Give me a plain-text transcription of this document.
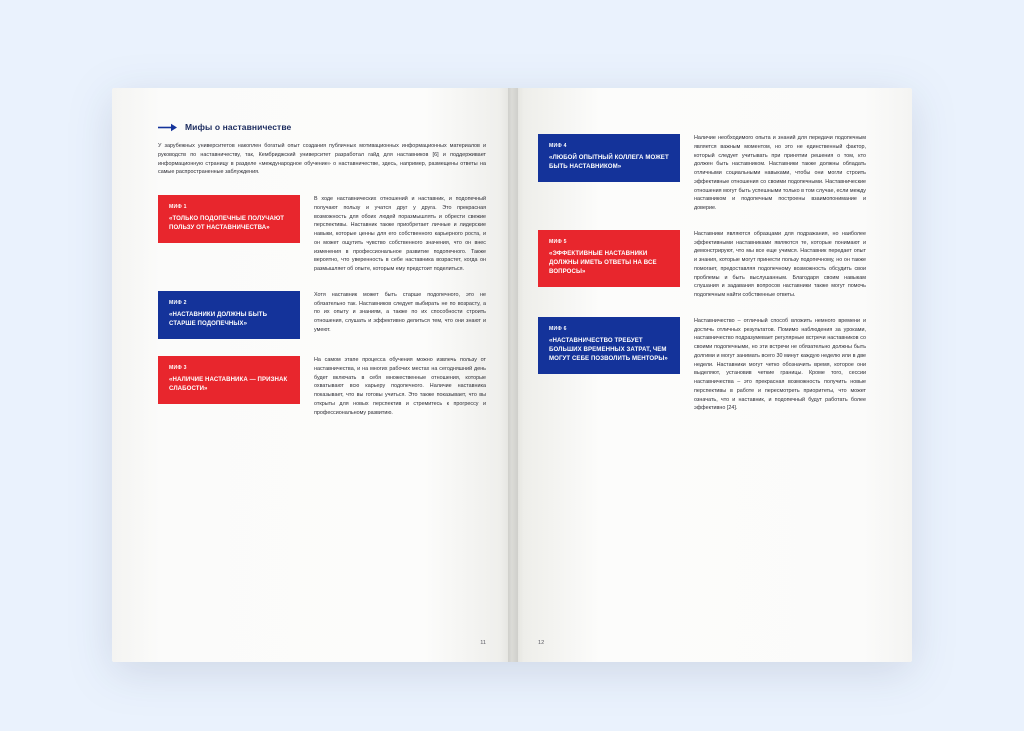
Мифы о наставничестве
У зарубежных университетов накоплен богатый опыт создания публичных мотивационных информационных материалов и руководств по наставничеству, так, Кембриджский университет разработал гайд для наставников [6] и поддерживает информационную страницу в разделе «международное обучение» о наставничестве, здесь, например, размещены ответы на самые распространенные заблуждения.
МИФ 1
«ТОЛЬКО ПОДОПЕЧНЫЕ ПОЛУЧАЮТ ПОЛЬЗУ ОТ НАСТАВНИЧЕСТВА»
В ходе наставнических отношений и наставник, и подопечный получают пользу и учатся друг у друга. Это прекрасная возможность для обоих людей поразмышлять и обрести свежие перспективы. Наставник также приобретает личные и лидерские навыки, которые ценны для его собственного карьерного роста, и он может ощутить чувство собственного значения, что он внес изменения в профессиональное развитие подопечного. Также вероятно, что уверенность в себе наставника возрастет, когда он размышляет об опыте, которым ему предстоит поделиться.
МИФ 2
«НАСТАВНИКИ ДОЛЖНЫ БЫТЬ СТАРШЕ ПОДОПЕЧНЫХ»
Хотя наставник может быть старше подопечного, это не обязательно так. Наставников следует выбирать не по возрасту, а по их опыту и знаниям, а также по их способности строить отношения, слушать и эффективно делиться тем, что они знают и умеют.
МИФ 3
«НАЛИЧИЕ НАСТАВНИКА — ПРИЗНАК СЛАБОСТИ»
На самом этапе процесса обучения можно извлечь пользу от наставничества, и на многих рабочих местах на сегодняшний день будет включать в себя множественные отношения, которые охватывают всю карьеру подопечного. Наличие наставника показывает, что вы готовы учиться. Это также показывает, что вы открыты для новых перспектив и стремитесь к прогрессу и профессиональному развитию.
11
МИФ 4
«ЛЮБОЙ ОПЫТНЫЙ КОЛЛЕГА МОЖЕТ БЫТЬ НАСТАВНИКОМ»
Наличие необходимого опыта и знаний для передачи подопечным является важным моментом, но это не единственный фактор, который следует учитывать при принятии решения о том, кто должен быть наставником. Наставники также должны обладать отличными социальными навыками, чтобы они могли строить эффективные отношения со своими подопечными. Наставнические отношения могут быть успешными только в том случае, если между наставником и подопечным построены взаимопонимание и доверие.
МИФ 5
«ЭФФЕКТИВНЫЕ НАСТАВНИКИ ДОЛЖНЫ ИМЕТЬ ОТВЕТЫ НА ВСЕ ВОПРОСЫ»
Наставники являются образцами для подражания, но наиболее эффективными наставниками являются те, которые понимают и демонстрируют, что мы все еще учимся. Наставник передает опыт и знания, которые могут принести пользу подопечному, но он также помогает, предоставляя подопечному возможность обсудить свои проблемы и быть выслушанным. Благодаря своим навыкам слушания и задавания вопросов наставники также могут помочь подопечным найти собственные ответы.
МИФ 6
«НАСТАВНИЧЕСТВО ТРЕБУЕТ БОЛЬШИХ ВРЕМЕННЫХ ЗАТРАТ, ЧЕМ МОГУТ СЕБЕ ПОЗВОЛИТЬ МЕНТОРЫ»
Наставничество – отличный способ вложить немного времени и достичь отличных результатов. Помимо наблюдения за уроками, наставничество подразумевает регулярные встречи наставников со своими подопечными, но эти встречи не обязательно должны быть долгими и могут занимать всего 30 минут каждую неделю или в две недели. Наставники могут четко обозначить время, которое они выделяют, установив четкие границы. Кроме того, сессии наставничества – это прекрасная возможность получить новые перспективы в работе и пересмотреть приоритеты, что может означать, что и наставник, и подопечный будут работать более эффективно [24].
12
